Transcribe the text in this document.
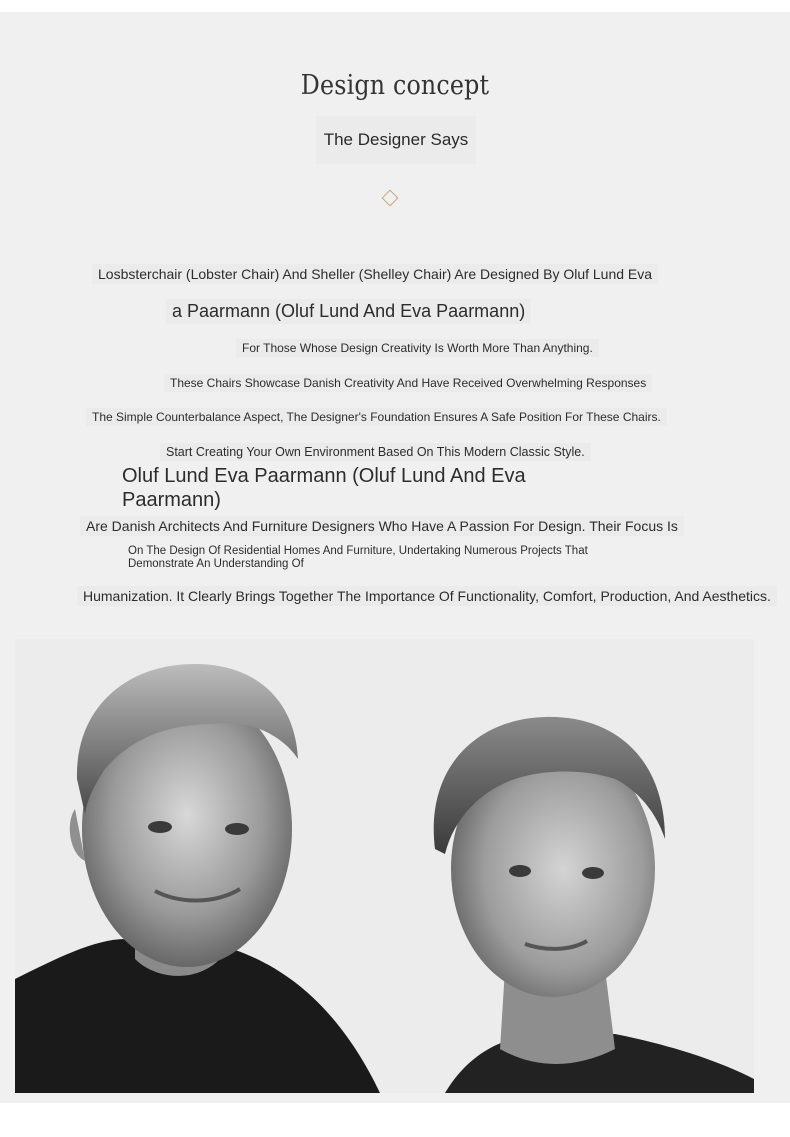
Design concept
The Designer Says
Losbsterchair (Lobster Chair) And Sheller (Shelley Chair) Are Designed By Oluf Lund Eva
a Paarmann (Oluf Lund And Eva Paarmann)
For Those Whose Design Creativity Is Worth More Than Anything.
These Chairs Showcase Danish Creativity And Have Received Overwhelming Responses
The Simple Counterbalance Aspect, The Designer's Foundation Ensures A Safe Position For These Chairs.
Start Creating Your Own Environment Based On This Modern Classic Style.
Oluf Lund Eva Paarmann (Oluf Lund And Eva Paarmann)
Are Danish Architects And Furniture Designers Who Have A Passion For Design. Their Focus Is
On The Design Of Residential Homes And Furniture, Undertaking Numerous Projects That Demonstrate An Understanding Of
Humanization. It Clearly Brings Together The Importance Of Functionality, Comfort, Production, And Aesthetics.
